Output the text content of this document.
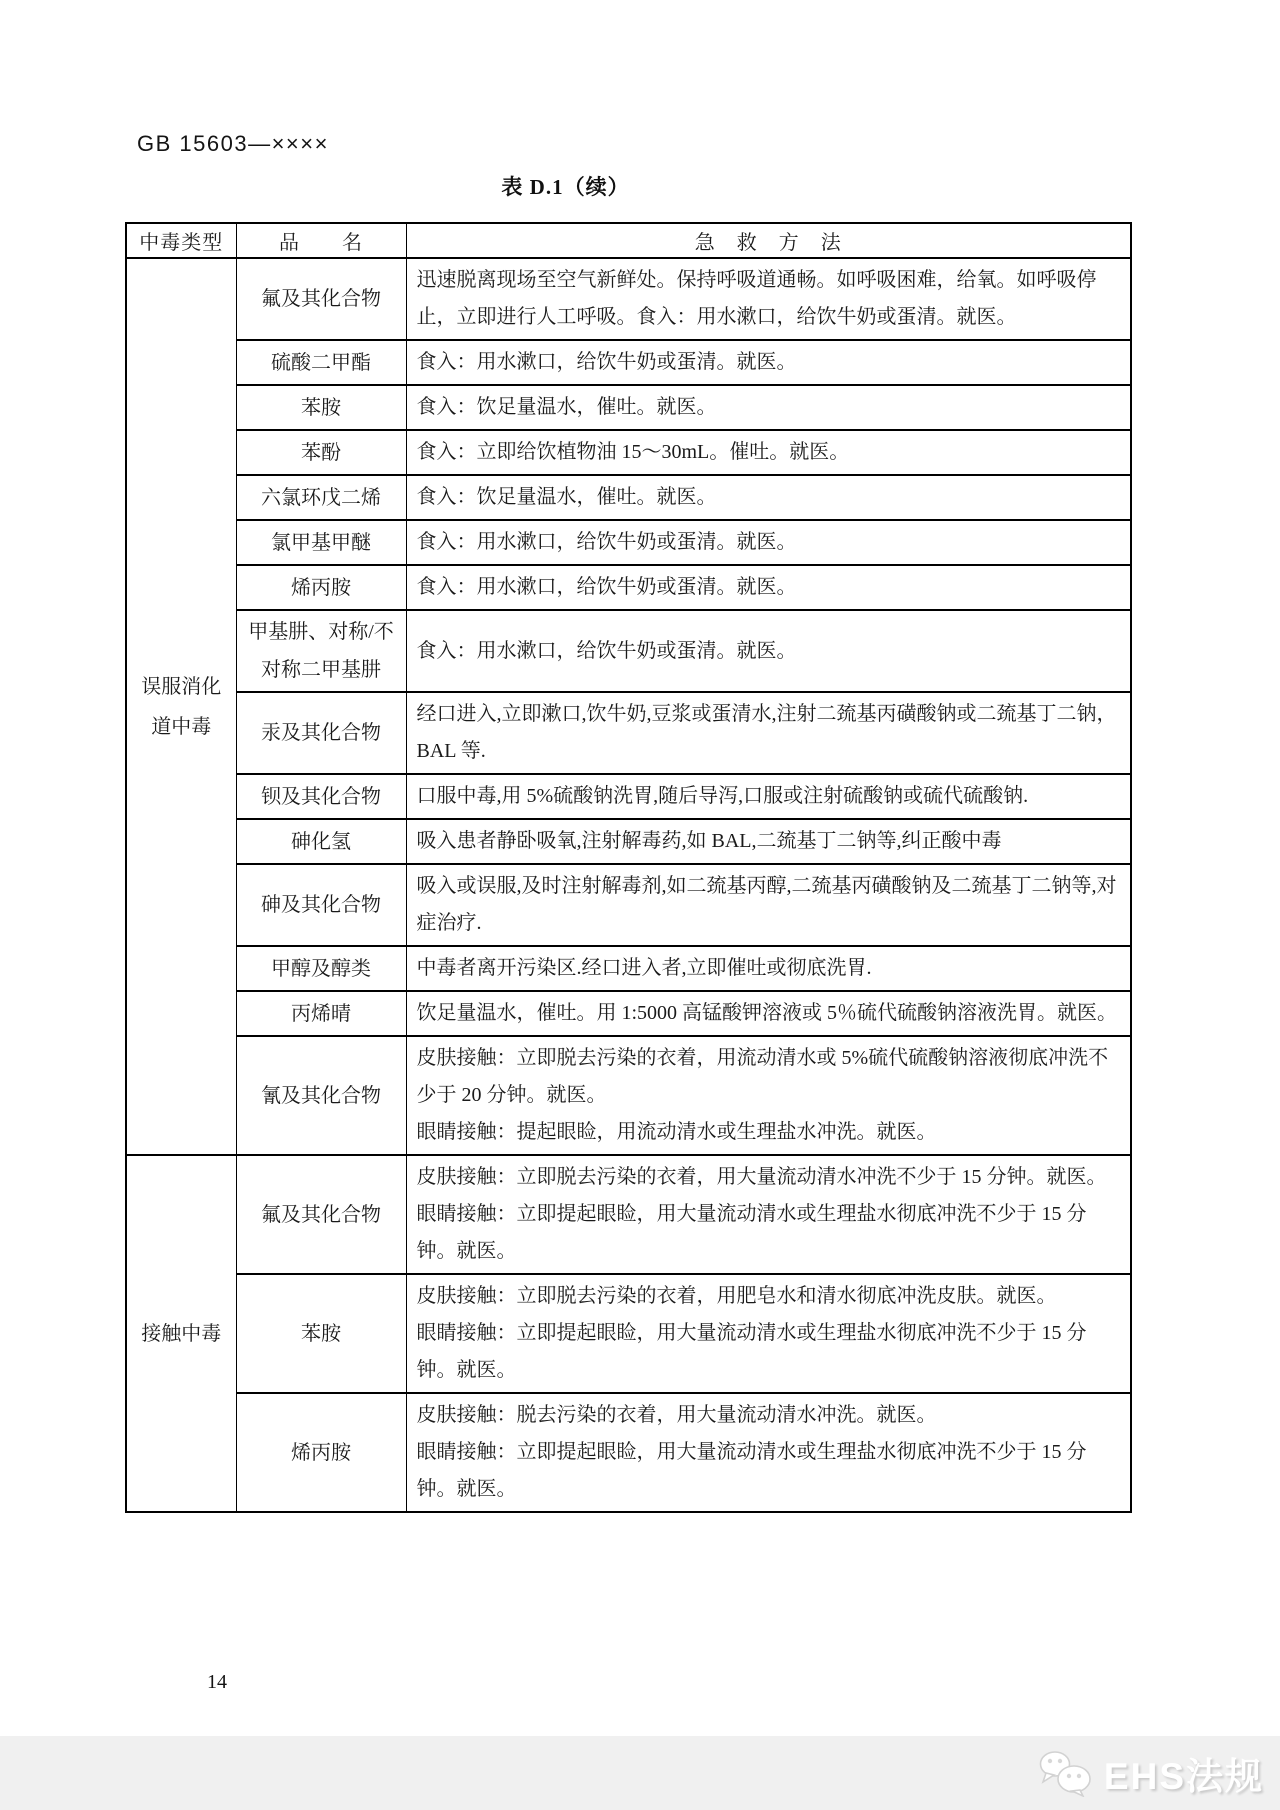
GB 15603—××××
表 D.1（续）
中毒类型	品　　名	急　救　方　法
误服消化道中毒	氟及其化合物	迅速脱离现场至空气新鲜处。保持呼吸道通畅。如呼吸困难，给氧。如呼吸停止，立即进行人工呼吸。食入：用水漱口，给饮牛奶或蛋清。就医。

	硫酸二甲酯	食入：用水漱口，给饮牛奶或蛋清。就医。

	苯胺	食入：饮足量温水，催吐。就医。

	苯酚	食入：立即给饮植物油 15～30mL。催吐。就医。

	六氯环戊二烯	食入：饮足量温水，催吐。就医。

	氯甲基甲醚	食入：用水漱口，给饮牛奶或蛋清。就医。

	烯丙胺	食入：用水漱口，给饮牛奶或蛋清。就医。

	甲基肼、对称/不对称二甲基肼	食入：用水漱口，给饮牛奶或蛋清。就医。

	汞及其化合物	经口进入,立即漱口,饮牛奶,豆浆或蛋清水,注射二巯基丙磺酸钠或二巯基丁二钠，BAL 等.

	钡及其化合物	口服中毒,用 5%硫酸钠洗胃,随后导泻,口服或注射硫酸钠或硫代硫酸钠.

	砷化氢	吸入患者静卧吸氧,注射解毒药,如 BAL,二巯基丁二钠等,纠正酸中毒

	砷及其化合物	吸入或误服,及时注射解毒剂,如二巯基丙醇,二巯基丙磺酸钠及二巯基丁二钠等,对症治疗.

	甲醇及醇类	中毒者离开污染区.经口进入者,立即催吐或彻底洗胃.

	丙烯晴	饮足量温水，催吐。用 1:5000 高锰酸钾溶液或 5％硫代硫酸钠溶液洗胃。就医。

	氰及其化合物	皮肤接触：立即脱去污染的衣着，用流动清水或 5%硫代硫酸钠溶液彻底冲洗不少于 20 分钟。就医。
眼睛接触：提起眼睑，用流动清水或生理盐水冲洗。就医。

接触中毒	氟及其化合物	皮肤接触：立即脱去污染的衣着，用大量流动清水冲洗不少于 15 分钟。就医。
眼睛接触：立即提起眼睑，用大量流动清水或生理盐水彻底冲洗不少于 15 分钟。就医。

	苯胺	皮肤接触：立即脱去污染的衣着，用肥皂水和清水彻底冲洗皮肤。就医。
眼睛接触：立即提起眼睑，用大量流动清水或生理盐水彻底冲洗不少于 15 分钟。就医。

	烯丙胺	皮肤接触：脱去污染的衣着，用大量流动清水冲洗。就医。
眼睛接触：立即提起眼睑，用大量流动清水或生理盐水彻底冲洗不少于 15 分钟。就医。
14
EHS法规
